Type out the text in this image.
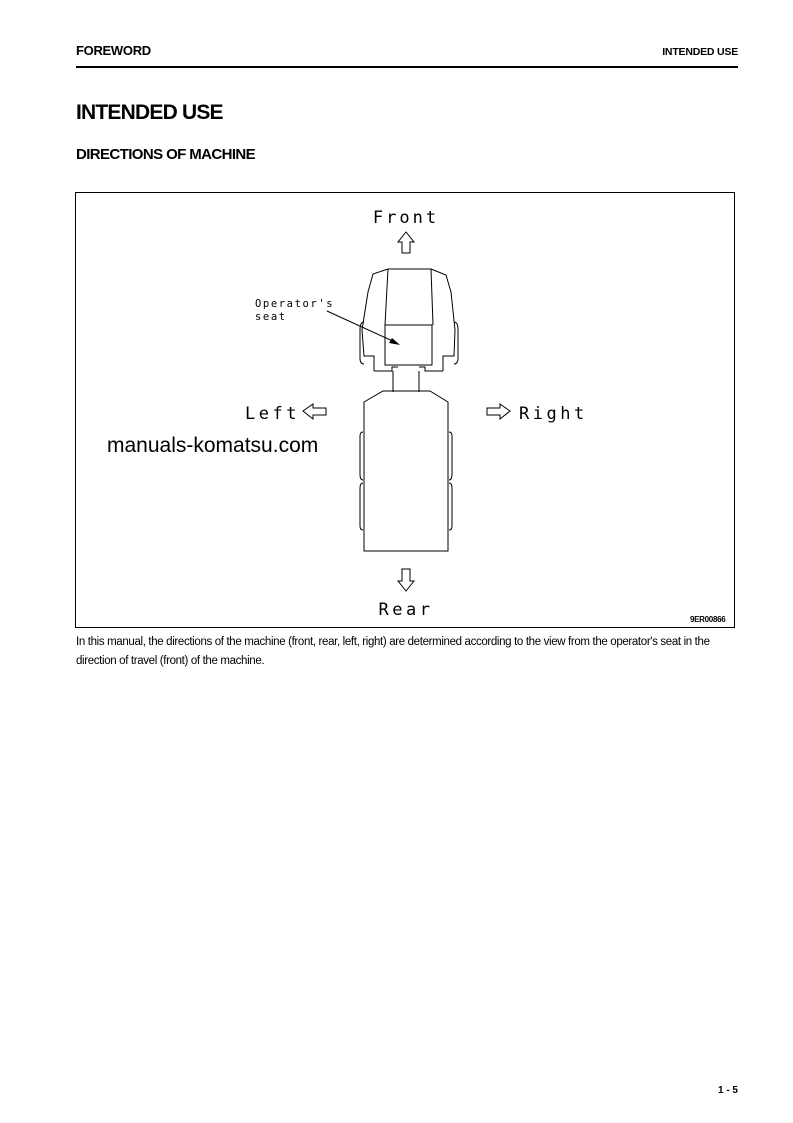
FOREWORD	INTENDED USE
INTENDED USE
DIRECTIONS OF MACHINE
Front
Operator's
seat
Left	Right
Rear
manuals-komatsu.com
9ER00866

In this manual, the directions of the machine (front, rear, left, right) are determined according to the view from the operator's seat in the direction of travel (front) of the machine.

1 - 5
